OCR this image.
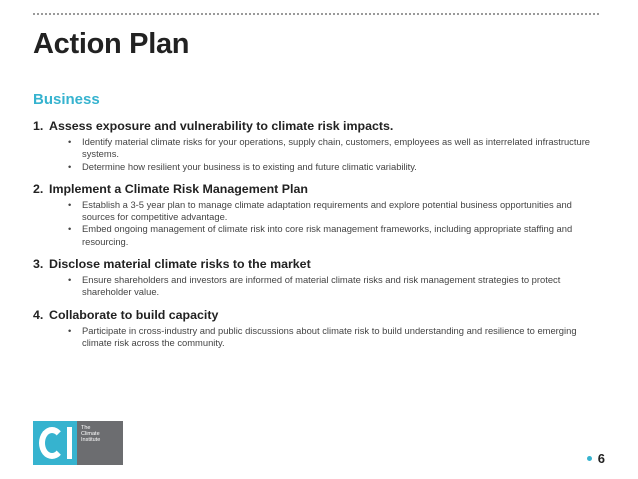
Action Plan
Business
1. Assess exposure and vulnerability to climate risk impacts.
•	Identify material climate risks for your operations, supply chain, customers, employees as well as interrelated infrastructure systems.
•	Determine how resilient your business is to existing and future climatic variability.
2. Implement a Climate Risk Management Plan
•	Establish a 3-5 year plan to manage climate adaptation requirements and explore potential business opportunities and sources for competitive advantage.
•	Embed ongoing management of climate risk into core risk management frameworks, including appropriate staffing and resourcing.
3. Disclose material climate risks to the market
•	Ensure shareholders and investors are informed of material climate risks and risk management strategies to protect shareholder value.
4. Collaborate to build capacity
•	Participate in cross-industry and public discussions about climate risk to build understanding and resilience to emerging climate risk across the community.
The
Climate
Institute
6
